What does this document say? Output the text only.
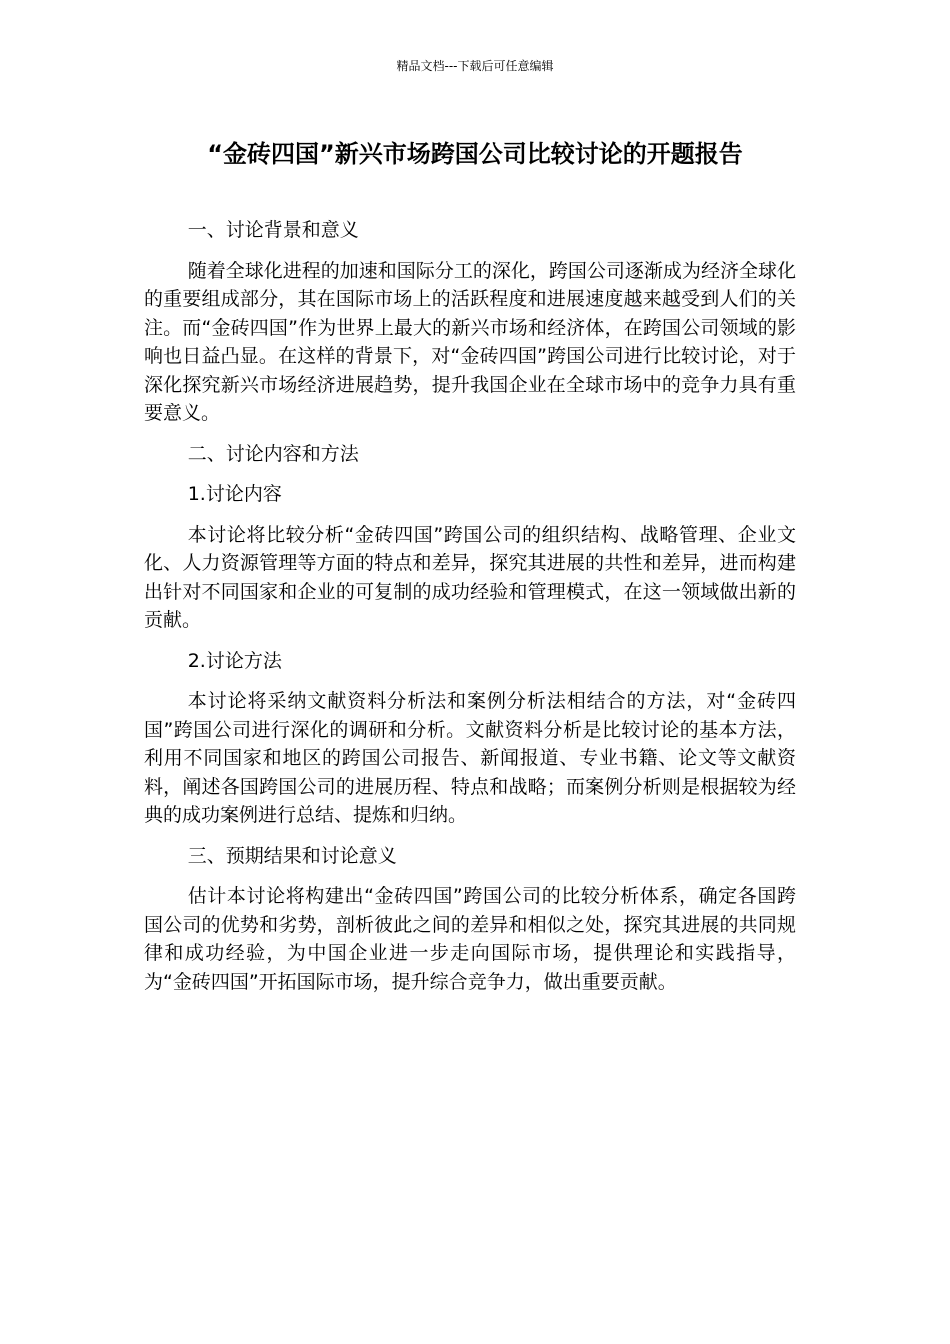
精品文档---下载后可任意编辑
“金砖四国”新兴市场跨国公司比较讨论的开题报告

一、讨论背景和意义

随着全球化进程的加速和国际分工的深化，跨国公司逐渐成为经济全球化的重要组成部分，其在国际市场上的活跃程度和进展速度越来越受到人们的关注。而“金砖四国”作为世界上最大的新兴市场和经济体，在跨国公司领域的影响也日益凸显。在这样的背景下，对“金砖四国”跨国公司进行比较讨论，对于深化探究新兴市场经济进展趋势，提升我国企业在全球市场中的竞争力具有重要意义。

二、讨论内容和方法

1.讨论内容

本讨论将比较分析“金砖四国”跨国公司的组织结构、战略管理、企业文化、人力资源管理等方面的特点和差异，探究其进展的共性和差异，进而构建出针对不同国家和企业的可复制的成功经验和管理模式，在这一领域做出新的贡献。

2.讨论方法

本讨论将采纳文献资料分析法和案例分析法相结合的方法，对“金砖四国”跨国公司进行深化的调研和分析。文献资料分析是比较讨论的基本方法，利用不同国家和地区的跨国公司报告、新闻报道、专业书籍、论文等文献资料，阐述各国跨国公司的进展历程、特点和战略；而案例分析则是根据较为经典的成功案例进行总结、提炼和归纳。

三、预期结果和讨论意义

估计本讨论将构建出“金砖四国”跨国公司的比较分析体系，确定各国跨国公司的优势和劣势，剖析彼此之间的差异和相似之处，探究其进展的共同规律和成功经验，为中国企业进一步走向国际市场，提供理论和实践指导，为“金砖四国”开拓国际市场，提升综合竞争力，做出重要贡献。
